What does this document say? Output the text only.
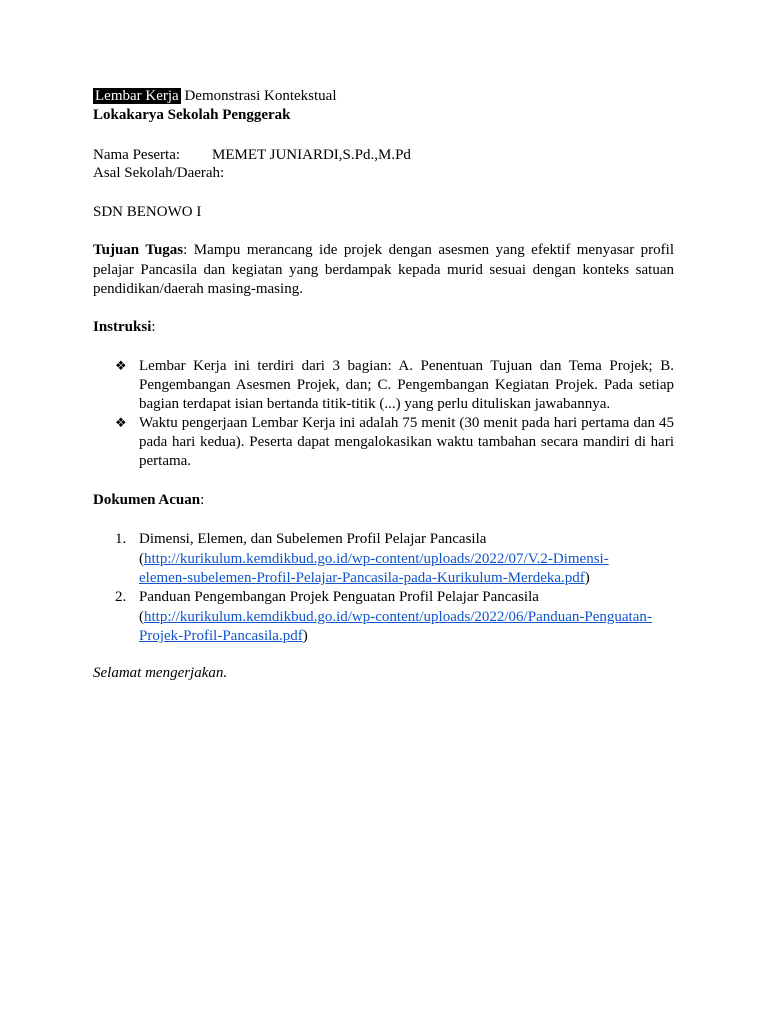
Lembar Kerja Demonstrasi Kontekstual
Lokakarya Sekolah Penggerak
Nama Peserta: MEMET JUNIARDI,S.Pd.,M.Pd
Asal Sekolah/Daerah:
SDN BENOWO I
Tujuan Tugas: Mampu merancang ide projek dengan asesmen yang efektif menyasar profil pelajar Pancasila dan kegiatan yang berdampak kepada murid sesuai dengan konteks satuan pendidikan/daerah masing-masing.
Instruksi:
❖ Lembar Kerja ini terdiri dari 3 bagian: A. Penentuan Tujuan dan Tema Projek; B. Pengembangan Asesmen Projek, dan; C. Pengembangan Kegiatan Projek. Pada setiap bagian terdapat isian bertanda titik-titik (...) yang perlu dituliskan jawabannya.
❖ Waktu pengerjaan Lembar Kerja ini adalah 75 menit (30 menit pada hari pertama dan 45 pada hari kedua). Peserta dapat mengalokasikan waktu tambahan secara mandiri di hari pertama.
Dokumen Acuan:
1. Dimensi, Elemen, dan Subelemen Profil Pelajar Pancasila
(http://kurikulum.kemdikbud.go.id/wp-content/uploads/2022/07/V.2-Dimensi-
elemen-subelemen-Profil-Pelajar-Pancasila-pada-Kurikulum-Merdeka.pdf)
2. Panduan Pengembangan Projek Penguatan Profil Pelajar Pancasila
(http://kurikulum.kemdikbud.go.id/wp-content/uploads/2022/06/Panduan-Penguatan-
Projek-Profil-Pancasila.pdf)
Selamat mengerjakan.
